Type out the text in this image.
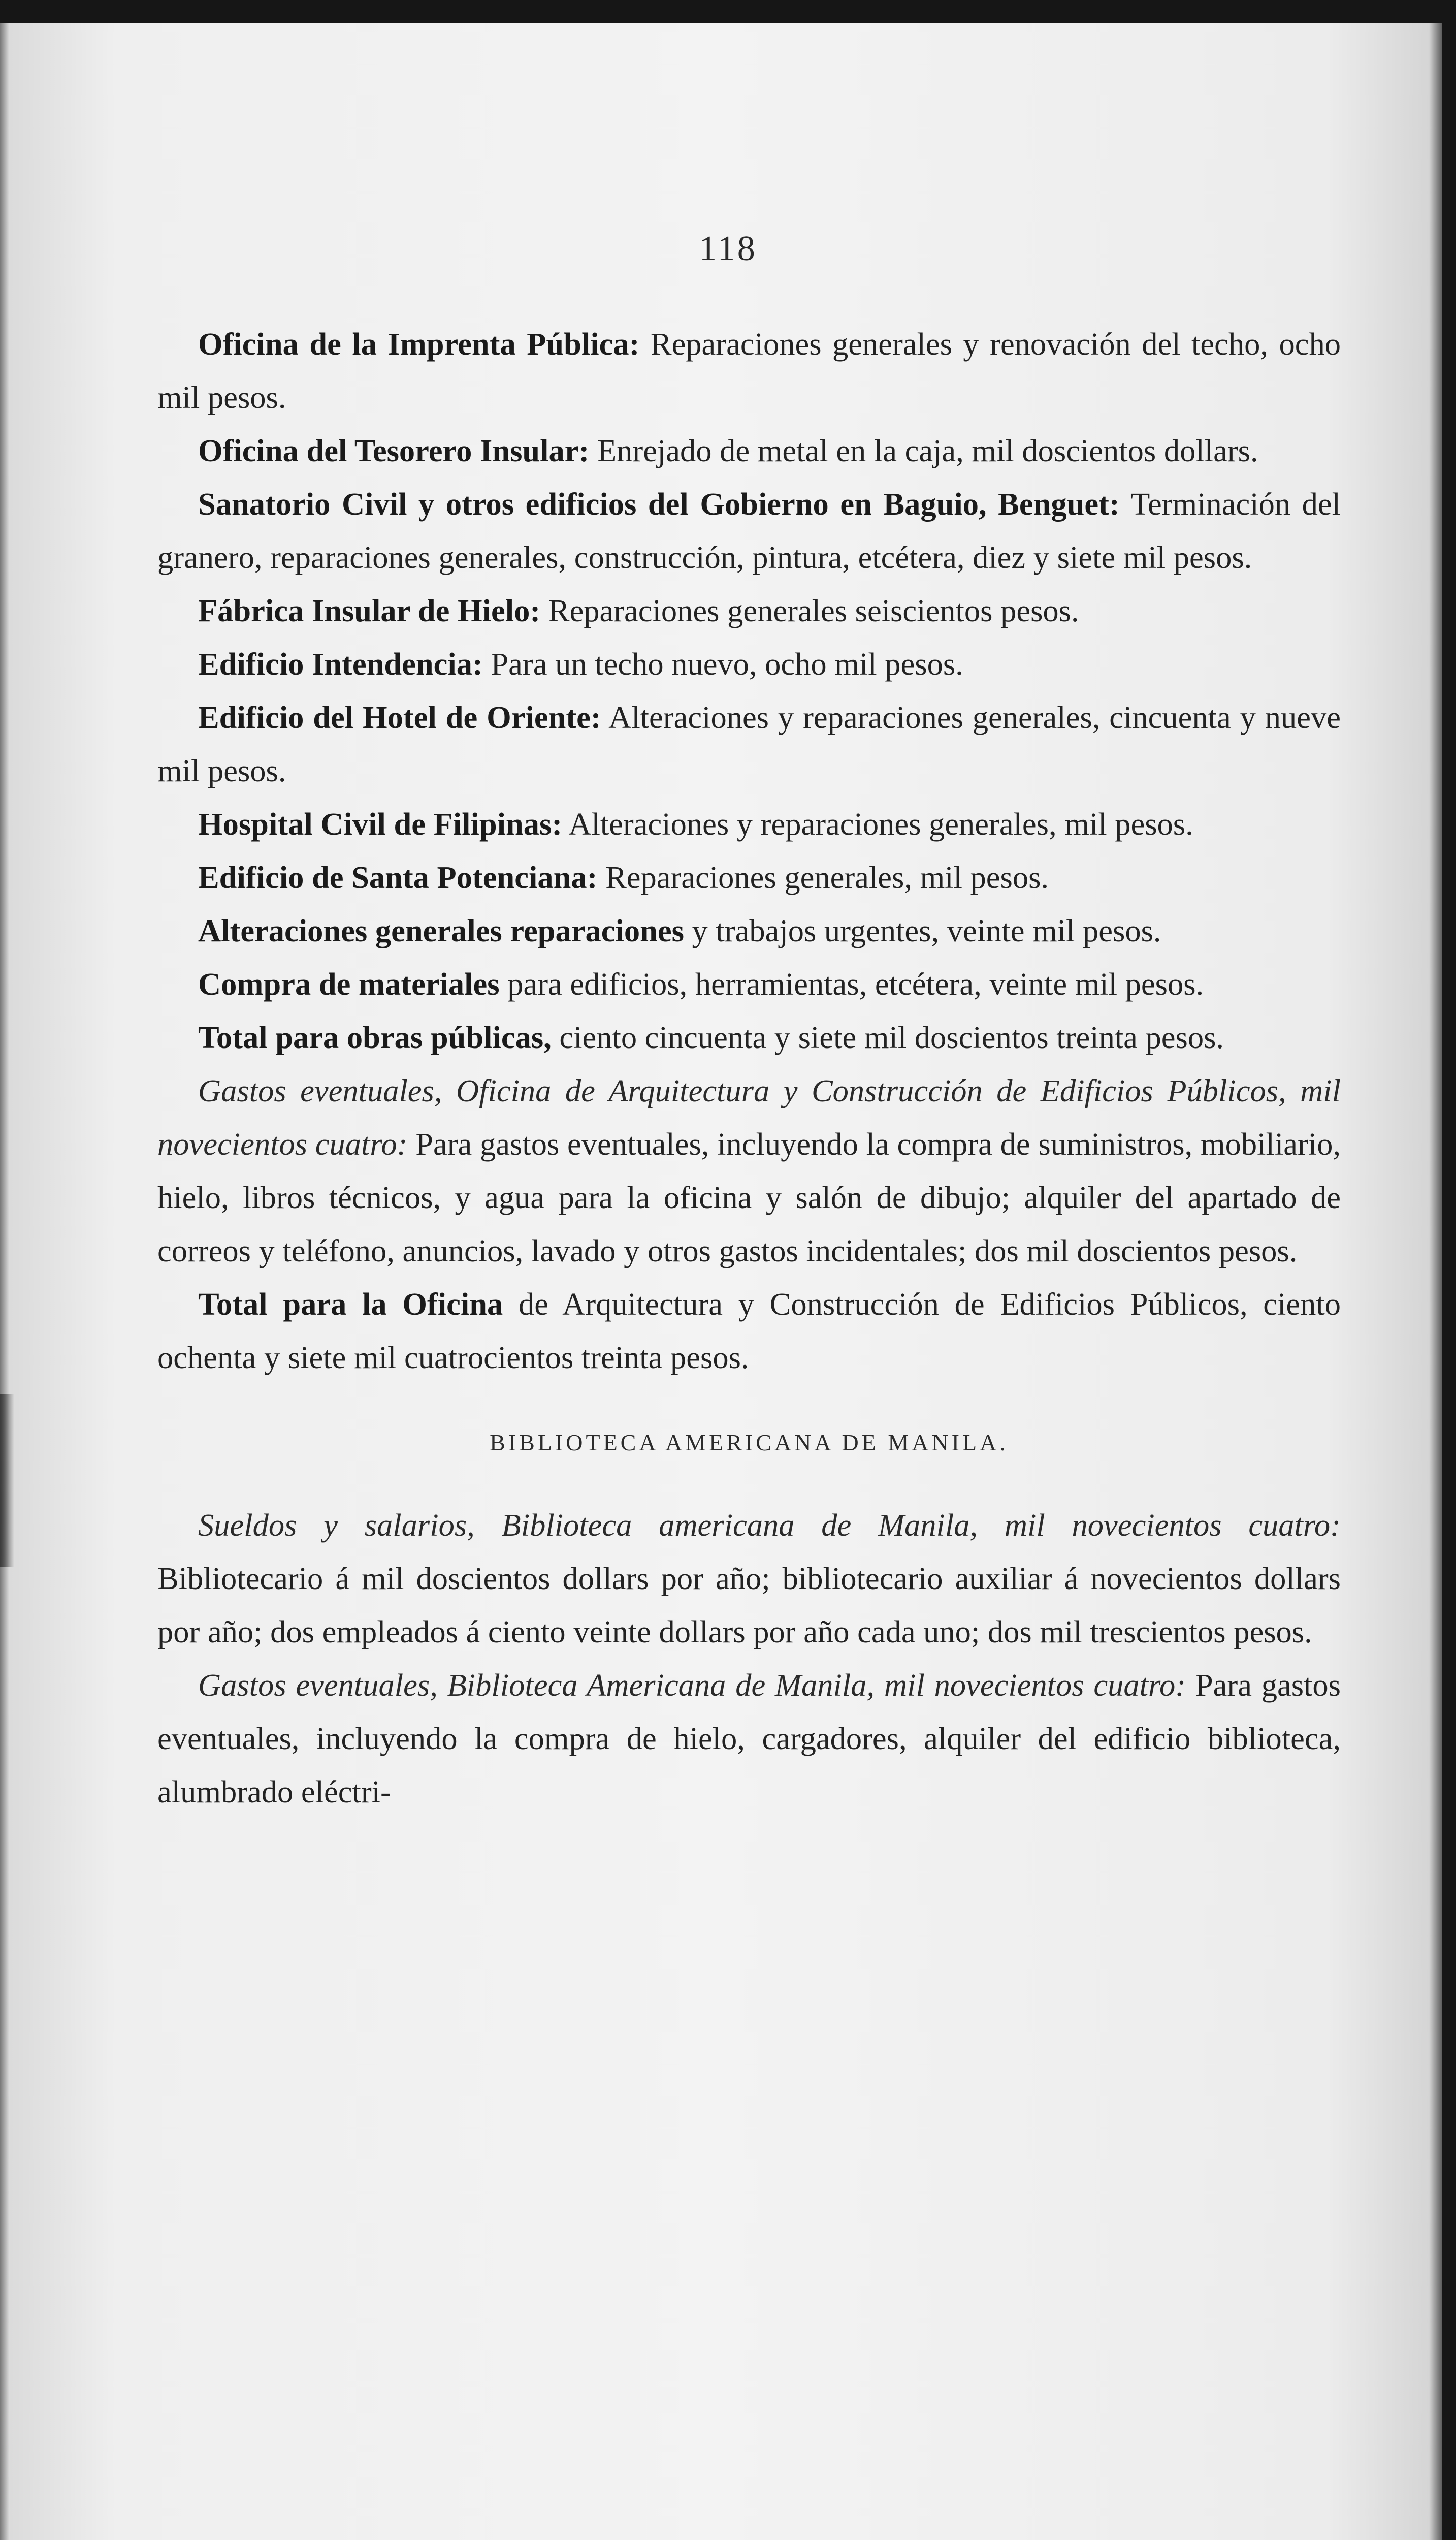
118

Oficina de la Imprenta Pública: Reparaciones generales y renovación del techo, ocho mil pesos.

Oficina del Tesorero Insular: Enrejado de metal en la caja, mil doscientos dollars.

Sanatorio Civil y otros edificios del Gobierno en Baguio, Benguet: Terminación del granero, reparaciones generales, construcción, pintura, etcétera, diez y siete mil pesos.

Fábrica Insular de Hielo: Reparaciones generales seiscientos pesos.

Edificio Intendencia: Para un techo nuevo, ocho mil pesos.

Edificio del Hotel de Oriente: Alteraciones y reparaciones generales, cincuenta y nueve mil pesos.

Hospital Civil de Filipinas: Alteraciones y reparaciones generales, mil pesos.

Edificio de Santa Potenciana: Reparaciones generales, mil pesos.

Alteraciones generales reparaciones y trabajos urgentes, veinte mil pesos.

Compra de materiales para edificios, herramientas, etcétera, veinte mil pesos.

Total para obras públicas, ciento cincuenta y siete mil doscientos treinta pesos.

Gastos eventuales, Oficina de Arquitectura y Construcción de Edificios Públicos, mil novecientos cuatro: Para gastos eventuales, incluyendo la compra de suministros, mobiliario, hielo, libros técnicos, y agua para la oficina y salón de dibujo; alquiler del apartado de correos y teléfono, anuncios, lavado y otros gastos incidentales; dos mil doscientos pesos.

Total para la Oficina de Arquitectura y Construcción de Edificios Públicos, ciento ochenta y siete mil cuatrocientos treinta pesos.

BIBLIOTECA AMERICANA DE MANILA.

Sueldos y salarios, Biblioteca americana de Manila, mil novecientos cuatro: Bibliotecario á mil doscientos dollars por año; bibliotecario auxiliar á novecientos dollars por año; dos empleados á ciento veinte dollars por año cada uno; dos mil trescientos pesos.

Gastos eventuales, Biblioteca Americana de Manila, mil novecientos cuatro: Para gastos eventuales, incluyendo la compra de hielo, cargadores, alquiler del edificio biblioteca, alumbrado eléctri-
